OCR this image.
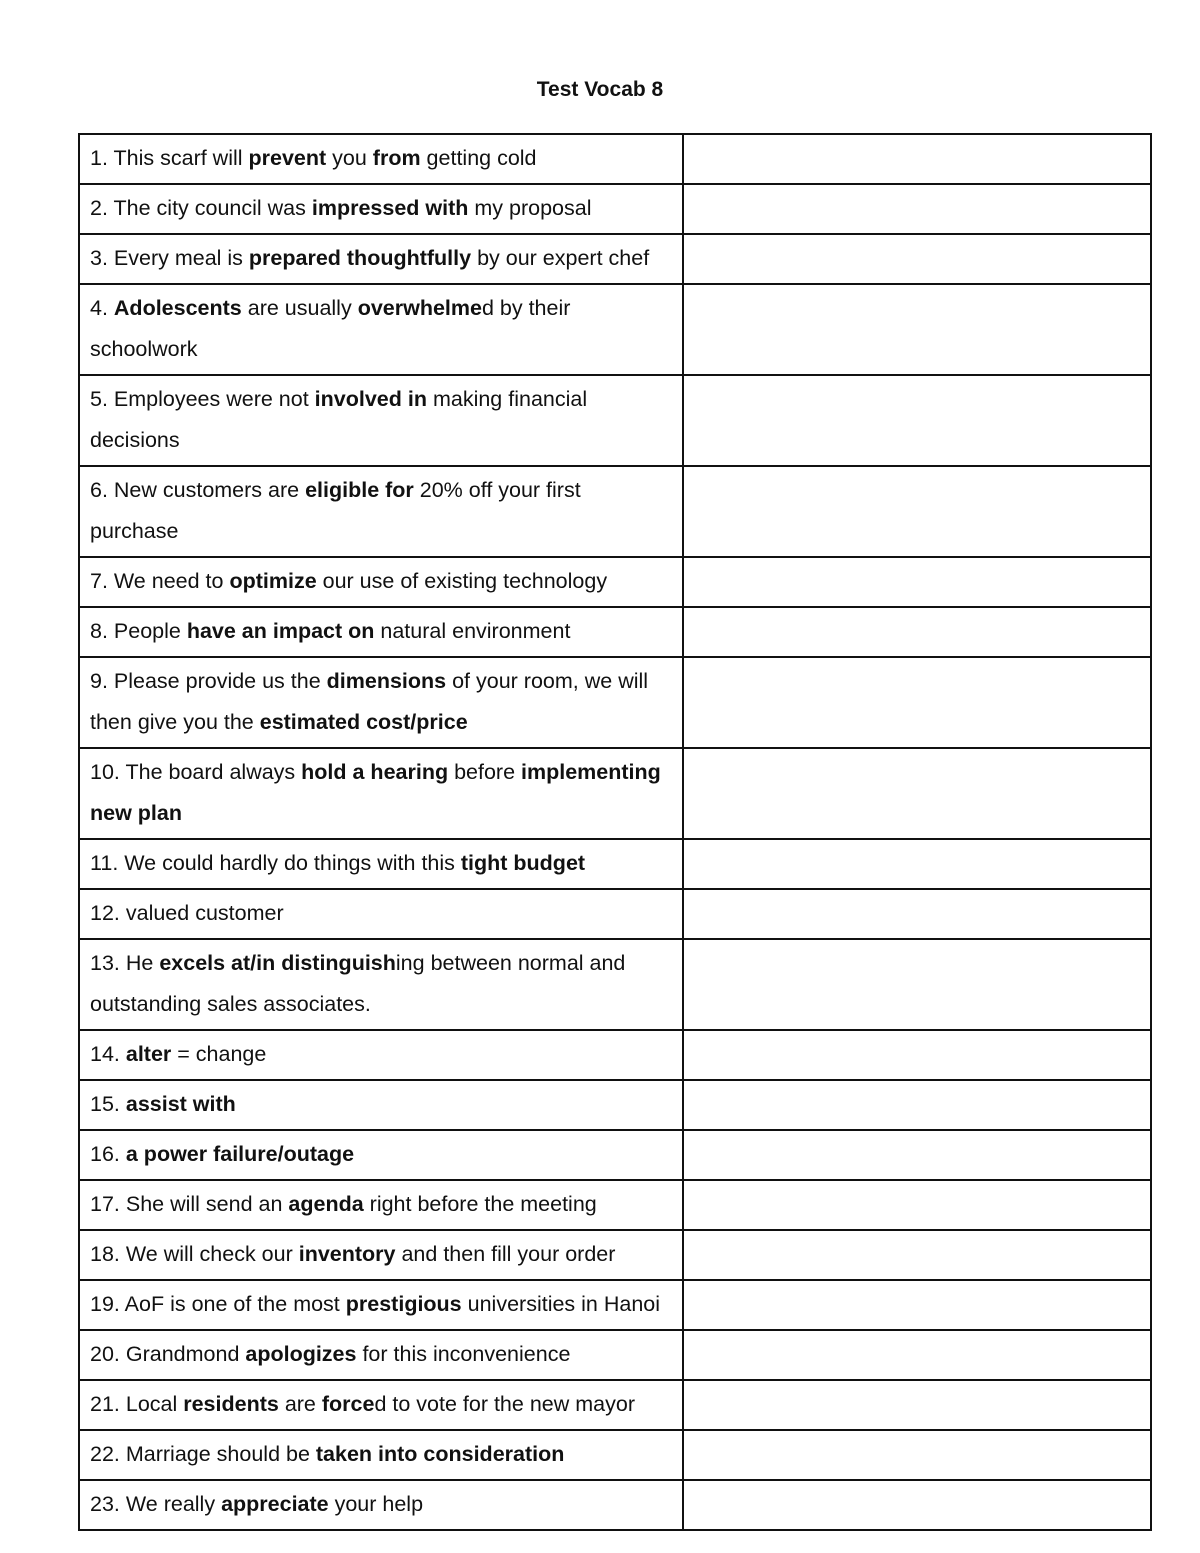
Test Vocab 8
1. This scarf will prevent you from getting cold	
2. The city council was impressed with my proposal	
3. Every meal is prepared thoughtfully by our expert chef	
4. Adolescents are usually overwhelmed by their schoolwork	
5. Employees were not involved in making financial decisions	
6. New customers are eligible for 20% off your first purchase	
7. We need to optimize our use of existing technology	
8. People have an impact on natural environment	
9. Please provide us the dimensions of your room, we will then give you the estimated cost/price	
10. The board always hold a hearing before implementing new plan	
11. We could hardly do things with this tight budget	
12. valued customer	
13. He excels at/in distinguishing between normal and outstanding sales associates.	
14. alter = change	
15. assist with	
16. a power failure/outage	
17. She will send an agenda right before the meeting	
18. We will check our inventory and then fill your order	
19. AoF is one of the most prestigious universities in Hanoi	
20. Grandmond apologizes for this inconvenience	
21. Local residents are forced to vote for the new mayor	
22. Marriage should be taken into consideration	
23. We really appreciate your help	
